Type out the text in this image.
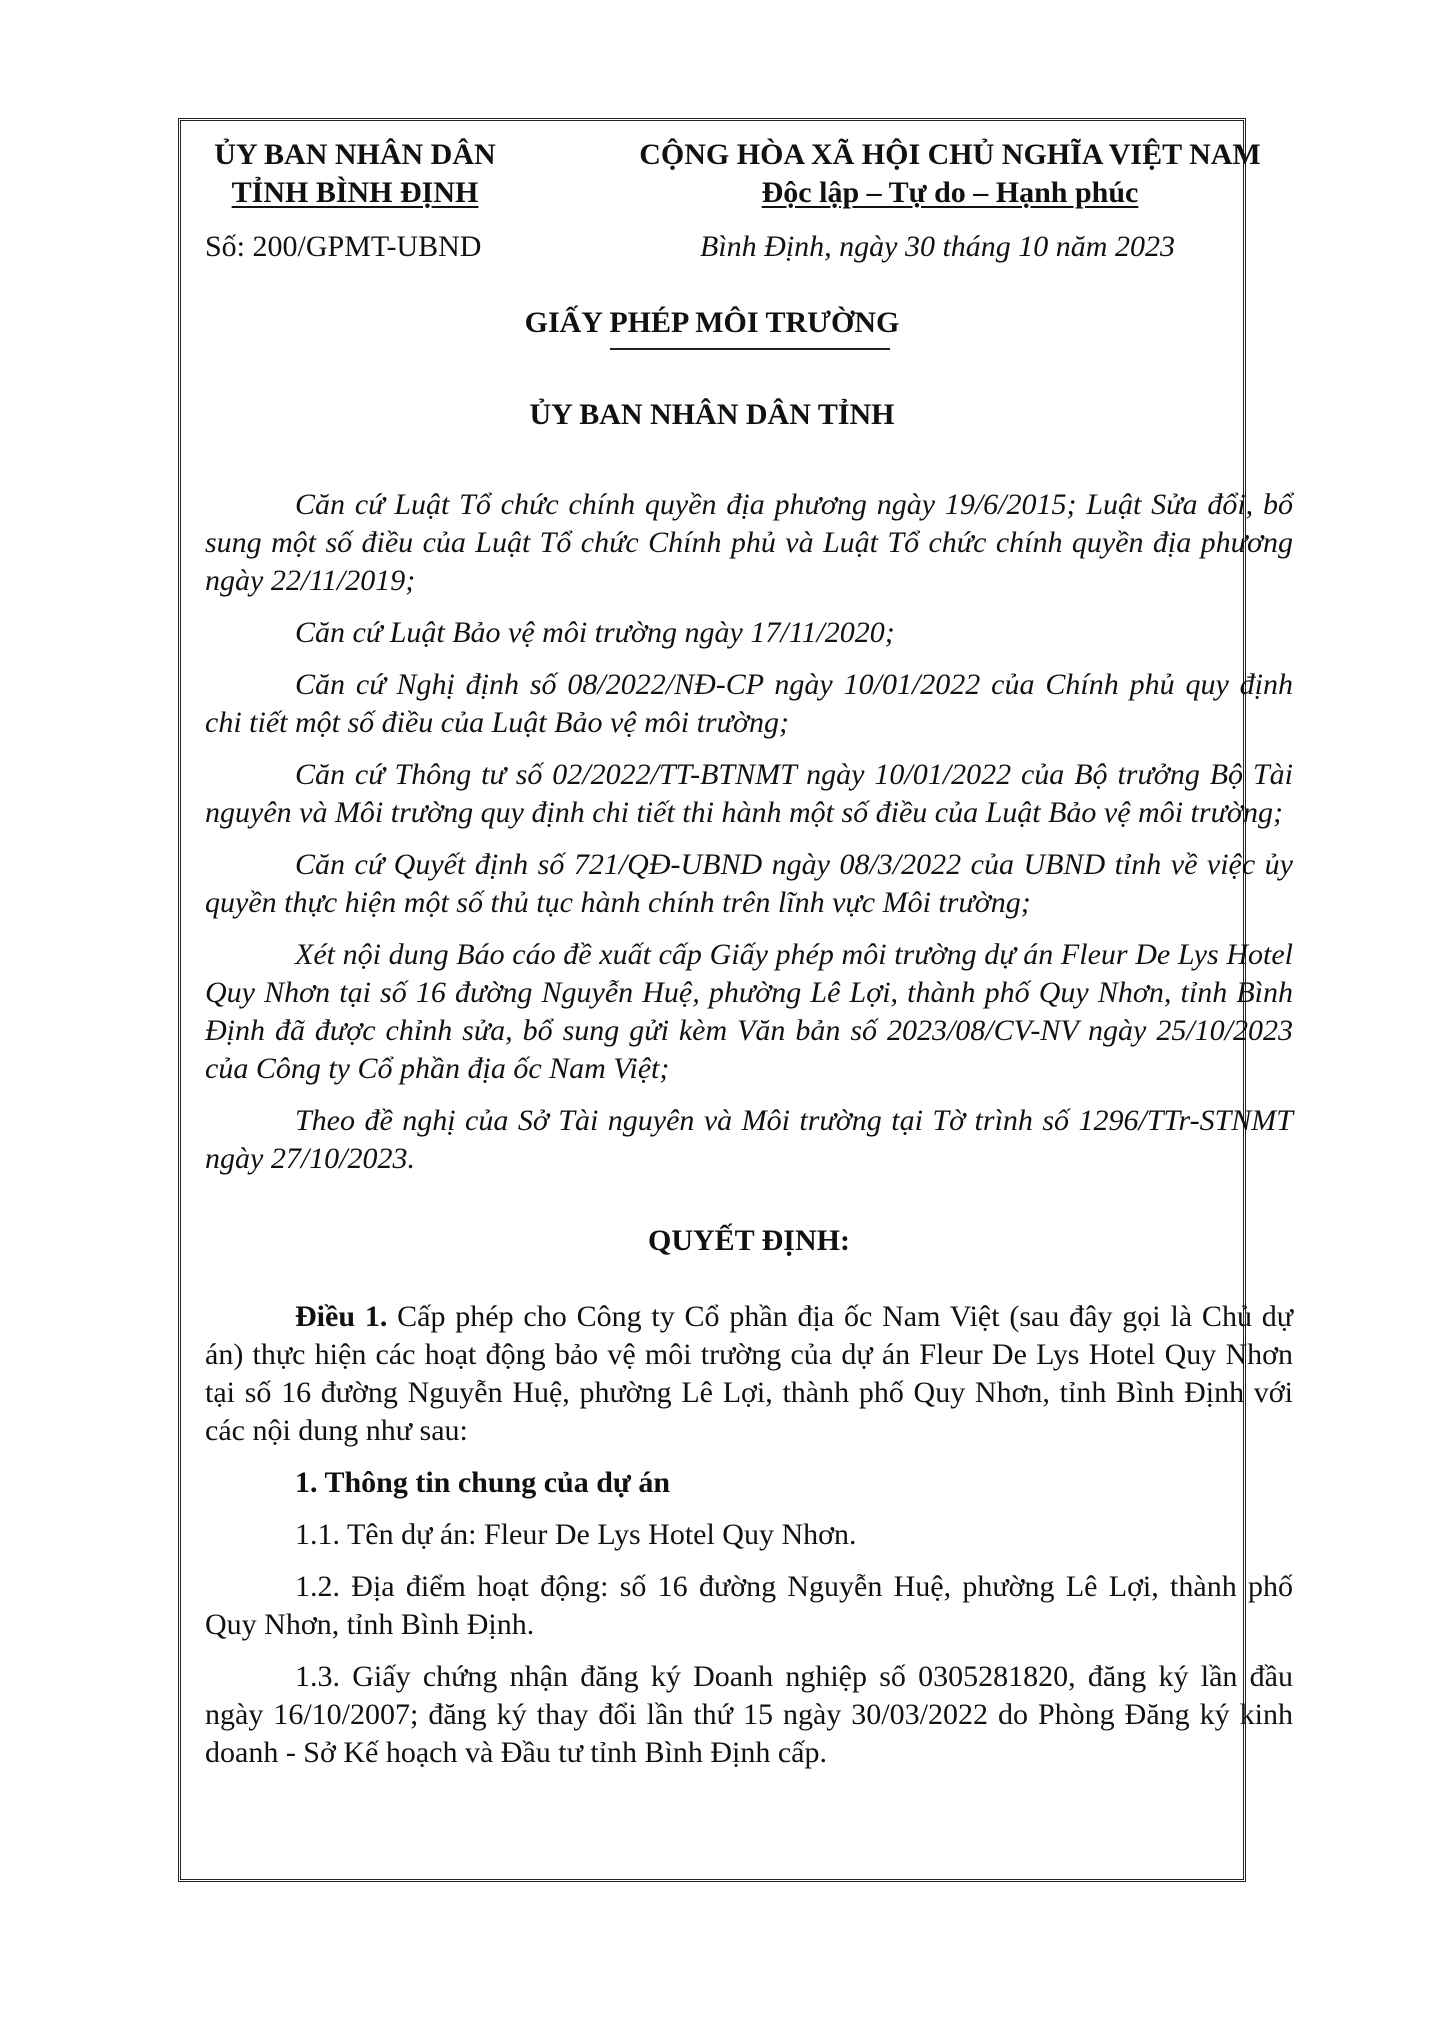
ỦY BAN NHÂN DÂN
TỈNH BÌNH ĐỊNH
CỘNG HÒA XÃ HỘI CHỦ NGHĨA VIỆT NAM
Độc lập – Tự do – Hạnh phúc
Số: 200/GPMT-UBND	Bình Định, ngày 30 tháng 10 năm 2023
GIẤY PHÉP MÔI TRƯỜNG
ỦY BAN NHÂN DÂN TỈNH

Căn cứ Luật Tổ chức chính quyền địa phương ngày 19/6/2015; Luật Sửa đổi, bổ sung một số điều của Luật Tổ chức Chính phủ và Luật Tổ chức chính quyền địa phương ngày 22/11/2019;

Căn cứ Luật Bảo vệ môi trường ngày 17/11/2020;

Căn cứ Nghị định số 08/2022/NĐ-CP ngày 10/01/2022 của Chính phủ quy định chi tiết một số điều của Luật Bảo vệ môi trường;

Căn cứ Thông tư số 02/2022/TT-BTNMT ngày 10/01/2022 của Bộ trưởng Bộ Tài nguyên và Môi trường quy định chi tiết thi hành một số điều của Luật Bảo vệ môi trường;

Căn cứ Quyết định số 721/QĐ-UBND ngày 08/3/2022 của UBND tỉnh về việc ủy quyền thực hiện một số thủ tục hành chính trên lĩnh vực Môi trường;

Xét nội dung Báo cáo đề xuất cấp Giấy phép môi trường dự án Fleur De Lys Hotel Quy Nhơn tại số 16 đường Nguyễn Huệ, phường Lê Lợi, thành phố Quy Nhơn, tỉnh Bình Định đã được chỉnh sửa, bổ sung gửi kèm Văn bản số 2023/08/CV-NV ngày 25/10/2023 của Công ty Cổ phần địa ốc Nam Việt;

Theo đề nghị của Sở Tài nguyên và Môi trường tại Tờ trình số 1296/TTr-STNMT ngày 27/10/2023.

QUYẾT ĐỊNH:

Điều 1. Cấp phép cho Công ty Cổ phần địa ốc Nam Việt (sau đây gọi là Chủ dự án) thực hiện các hoạt động bảo vệ môi trường của dự án Fleur De Lys Hotel Quy Nhơn tại số 16 đường Nguyễn Huệ, phường Lê Lợi, thành phố Quy Nhơn, tỉnh Bình Định với các nội dung như sau:

1. Thông tin chung của dự án

1.1. Tên dự án: Fleur De Lys Hotel Quy Nhơn.

1.2. Địa điểm hoạt động: số 16 đường Nguyễn Huệ, phường Lê Lợi, thành phố Quy Nhơn, tỉnh Bình Định.

1.3. Giấy chứng nhận đăng ký Doanh nghiệp số 0305281820, đăng ký lần đầu ngày 16/10/2007; đăng ký thay đổi lần thứ 15 ngày 30/03/2022 do Phòng Đăng ký kinh doanh - Sở Kế hoạch và Đầu tư tỉnh Bình Định cấp.
